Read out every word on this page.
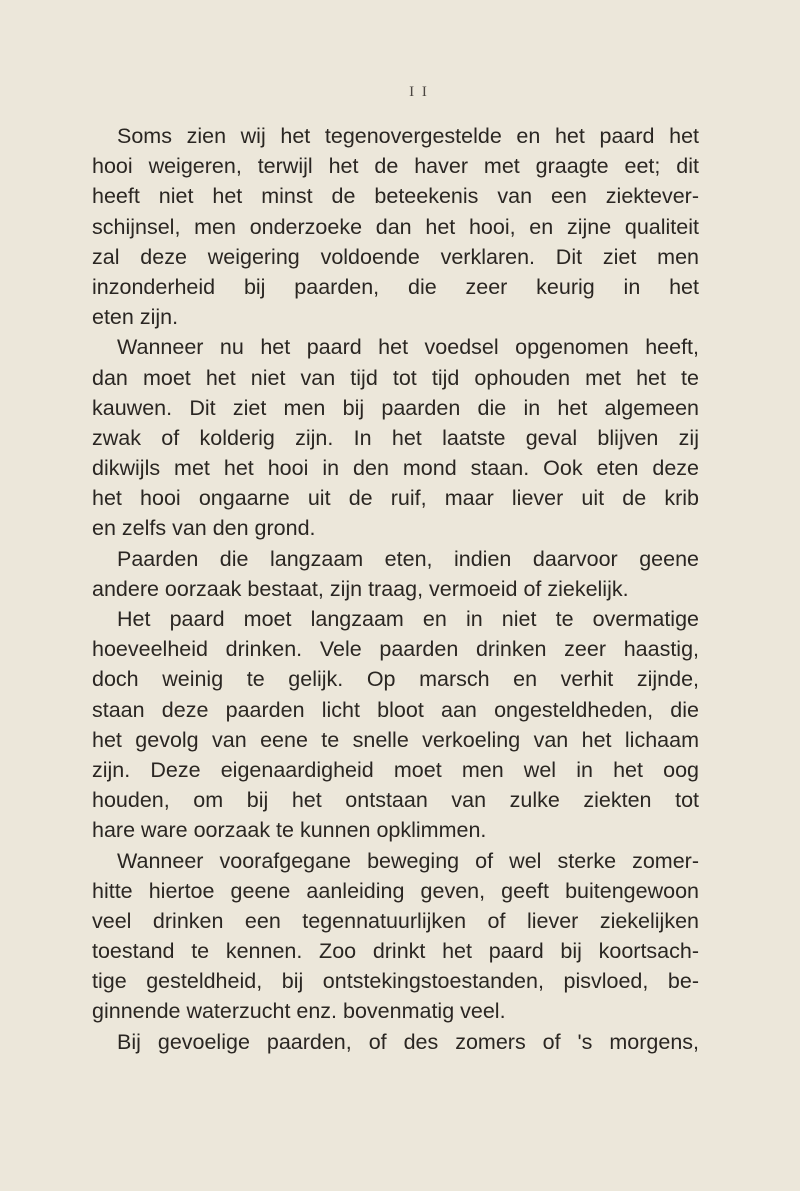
I I
Soms zien wij het tegenovergestelde en het paard het
hooi weigeren, terwijl het de haver met graagte eet; dit
heeft niet het minst de beteekenis van een ziektever-
schijnsel, men onderzoeke dan het hooi, en zijne qualiteit
zal deze weigering voldoende verklaren. Dit ziet men
inzonderheid bij paarden, die zeer keurig in het
eten zijn.
Wanneer nu het paard het voedsel opgenomen heeft,
dan moet het niet van tijd tot tijd ophouden met het te
kauwen. Dit ziet men bij paarden die in het algemeen
zwak of kolderig zijn. In het laatste geval blijven zij
dikwijls met het hooi in den mond staan. Ook eten deze
het hooi ongaarne uit de ruif, maar liever uit de krib
en zelfs van den grond.
Paarden die langzaam eten, indien daarvoor geene
andere oorzaak bestaat, zijn traag, vermoeid of ziekelijk.
Het paard moet langzaam en in niet te overmatige
hoeveelheid drinken. Vele paarden drinken zeer haastig,
doch weinig te gelijk. Op marsch en verhit zijnde,
staan deze paarden licht bloot aan ongesteldheden, die
het gevolg van eene te snelle verkoeling van het lichaam
zijn. Deze eigenaardigheid moet men wel in het oog
houden, om bij het ontstaan van zulke ziekten tot
hare ware oorzaak te kunnen opklimmen.
Wanneer voorafgegane beweging of wel sterke zomer-
hitte hiertoe geene aanleiding geven, geeft buitengewoon
veel drinken een tegennatuurlijken of liever ziekelijken
toestand te kennen. Zoo drinkt het paard bij koortsach-
tige gesteldheid, bij ontstekingstoestanden, pisvloed, be-
ginnende waterzucht enz. bovenmatig veel.
Bij gevoelige paarden, of des zomers of 's morgens,
